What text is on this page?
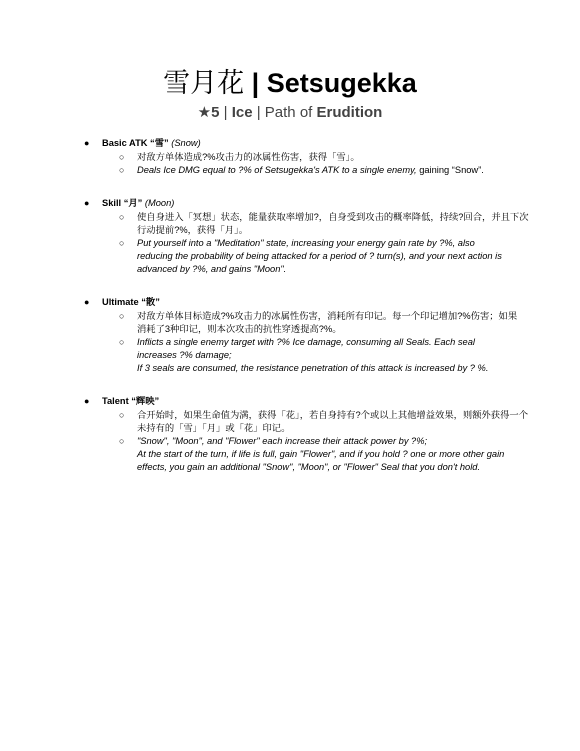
雪月花 | Setsugekka
★5 | Ice | Path of Erudition
● Basic ATK “雪” (Snow)
○ 对敌方单体造成?%攻击力的冰属性伤害，获得「雪」。
○ Deals Ice DMG equal to ?% of Setsugekka's ATK to a single enemy, gaining “Snow”.
● Skill “月” (Moon)
○ 使自身进入「冥想」状态，能量获取率增加?，自身受到攻击的概率降低，持续?回合，并且下次
行动提前?%，获得「月」。
○ Put yourself into a "Meditation" state, increasing your energy gain rate by ?%, also
reducing the probability of being attacked for a period of ? turn(s), and your next action is
advanced by ?%, and gains "Moon".
● Ultimate “散”
○ 对敌方单体目标造成?%攻击力的冰属性伤害，消耗所有印记。每一个印记增加?%伤害；如果
消耗了3种印记，则本次攻击的抗性穿透提高?%。
○ Inflicts a single enemy target with ?% Ice damage, consuming all Seals. Each seal
increases ?% damage;
If 3 seals are consumed, the resistance penetration of this attack is increased by ? %.
● Talent “辉映”
○ 合开始时，如果生命值为满，获得「花」，若自身持有?个或以上其他增益效果，则额外获得一个
未持有的「雪」「月」或「花」印记。
○ "Snow", "Moon", and "Flower" each increase their attack power by ?%;
At the start of the turn, if life is full, gain "Flower", and if you hold ? one or more other gain
effects, you gain an additional "Snow", "Moon", or "Flower" Seal that you don't hold.
